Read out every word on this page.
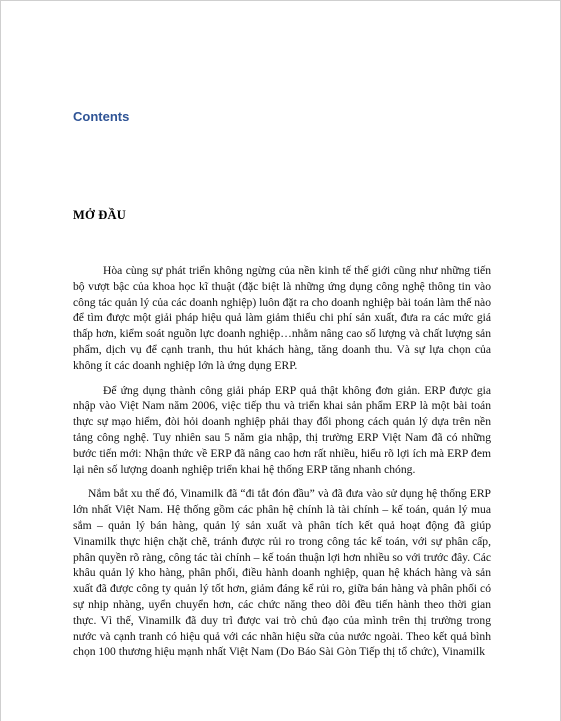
Contents
MỞ ĐẦU

Hòa cùng sự phát triển không ngừng của nền kinh tế thế giới cũng như những tiến bộ vượt bậc của khoa học kĩ thuật (đặc biệt là những ứng dụng công nghệ thông tin vào công tác quản lý của các doanh nghiệp) luôn đặt ra cho doanh nghiệp bài toán làm thế nào để tìm được một giải pháp hiệu quả làm giảm thiểu chi phí sản xuất, đưa ra các mức giá thấp hơn, kiểm soát nguồn lực doanh nghiệp…nhằm nâng cao số lượng và chất lượng sản phẩm, dịch vụ để cạnh tranh, thu hút khách hàng, tăng doanh thu. Và sự lựa chọn của không ít các doanh nghiệp lớn là ứng dụng ERP.

Để ứng dụng thành công giải pháp ERP quả thật không đơn giản. ERP được gia nhập vào Việt Nam năm 2006, việc tiếp thu và triển khai sản phẩm ERP là một bài toán thực sự mạo hiểm, đòi hỏi doanh nghiệp phải thay đổi phong cách quản lý dựa trên nền tảng công nghệ. Tuy nhiên sau 5 năm gia nhập, thị trường ERP Việt Nam đã có những bước tiến mới: Nhận thức về ERP đã nâng cao hơn rất nhiều, hiểu rõ lợi ích mà ERP đem lại nên số lượng doanh nghiệp triển khai hệ thống ERP tăng nhanh chóng.

Nắm bắt xu thế đó, Vinamilk đã “đi tắt đón đầu” và đã đưa vào sử dụng hệ thống ERP lớn nhất Việt Nam. Hệ thống gồm các phân hệ chính là tài chính – kế toán, quản lý mua sắm – quản lý bán hàng, quản lý sản xuất và phân tích kết quả hoạt động đã giúp Vinamilk thực hiện chặt chẽ, tránh được rủi ro trong công tác kế toán, với sự phân cấp, phân quyền rõ ràng, công tác tài chính – kế toán thuận lợi hơn nhiều so với trước đây. Các khâu quản lý kho hàng, phân phối, điều hành doanh nghiệp, quan hệ khách hàng và sản xuất đã được công ty quản lý tốt hơn, giảm đáng kể rủi ro, giữa bán hàng và phân phối có sự nhịp nhàng, uyển chuyển hơn, các chức năng theo dõi đều tiến hành theo thời gian thực. Vì thế, Vinamilk đã duy trì được vai trò chủ đạo của mình trên thị trường trong nước và cạnh tranh có hiệu quả với các nhãn hiệu sữa của nước ngoài. Theo kết quả bình chọn 100 thương hiệu mạnh nhất Việt Nam (Do Báo Sài Gòn Tiếp thị tổ chức), Vinamilk
